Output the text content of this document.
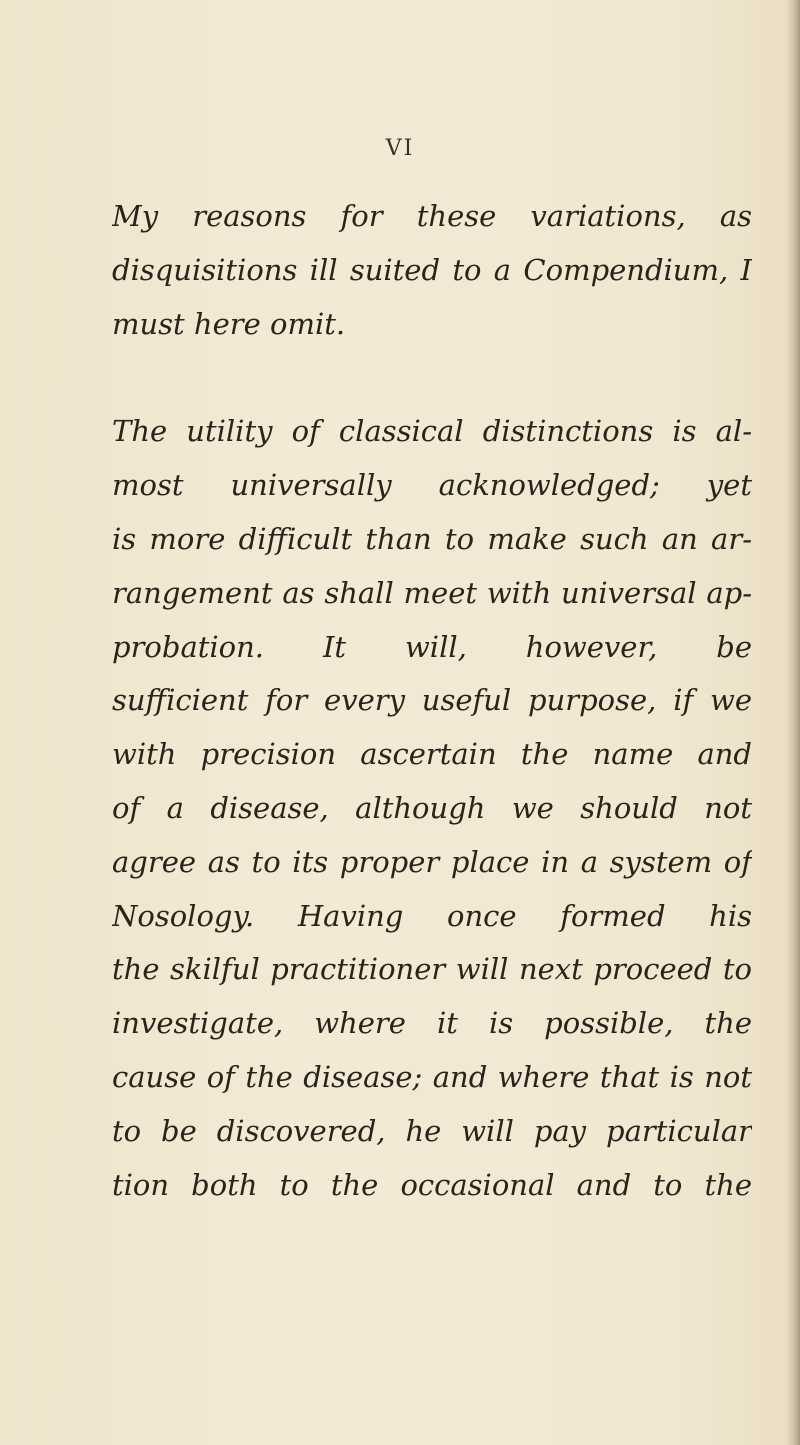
VI
My reasons for these variations, as
disquisitions ill suited to a Compendium, I
must here omit.
The utility of classical distinctions is al-
most universally acknowledged; yet
is more difficult than to make such an ar-
rangement as shall meet with universal ap-
probation. It will, however, be
sufficient for every useful purpose, if we
with precision ascertain the name and
of a disease, although we should not
agree as to its proper place in a system of
Nosology. Having once formed his
the skilful practitioner will next proceed to
investigate, where it is possible, the
cause of the disease; and where that is not
to be discovered, he will pay particular
tion both to the occasional and to the
